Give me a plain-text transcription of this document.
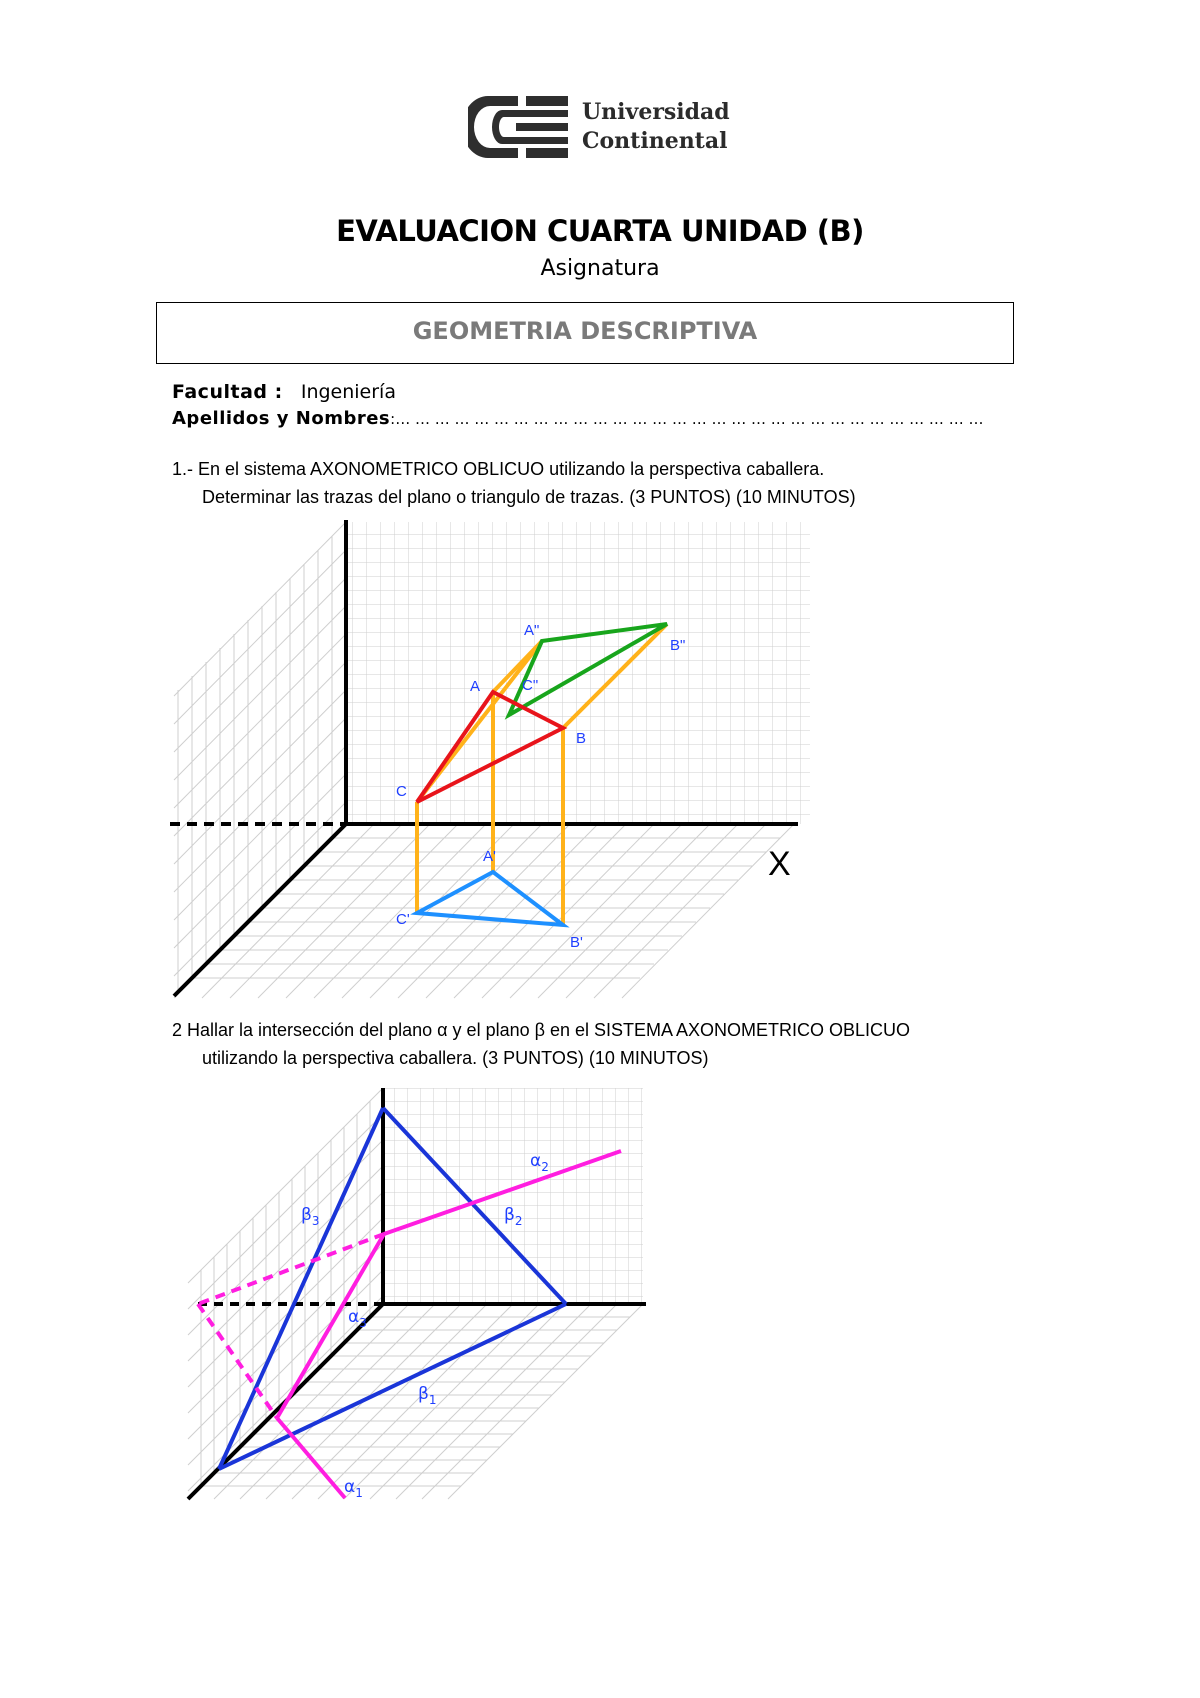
Universidad
Continental
EVALUACION CUARTA UNIDAD (B)
Asignatura
GEOMETRIA DESCRIPTIVA
Facultad : Ingeniería
Apellidos y Nombres:… … … … … … … … … … … … … … … … … … … … … … … … … … … … … …
1.- En el sistema AXONOMETRICO OBLICUO utilizando la perspectiva caballera.
Determinar las trazas del plano o triangulo de trazas. (3 PUNTOS) (10 MINUTOS)
X
A"
B"
C"
A
B
C
A'
B'
C'
2 Hallar la intersección del plano α y el plano β en el SISTEMA AXONOMETRICO OBLICUO
utilizando la perspectiva caballera. (3 PUNTOS) (10 MINUTOS)
$\beta_3$	$\beta_2$
$\alpha_2$
$\alpha_3$
$\beta_1$
$\alpha_1$
